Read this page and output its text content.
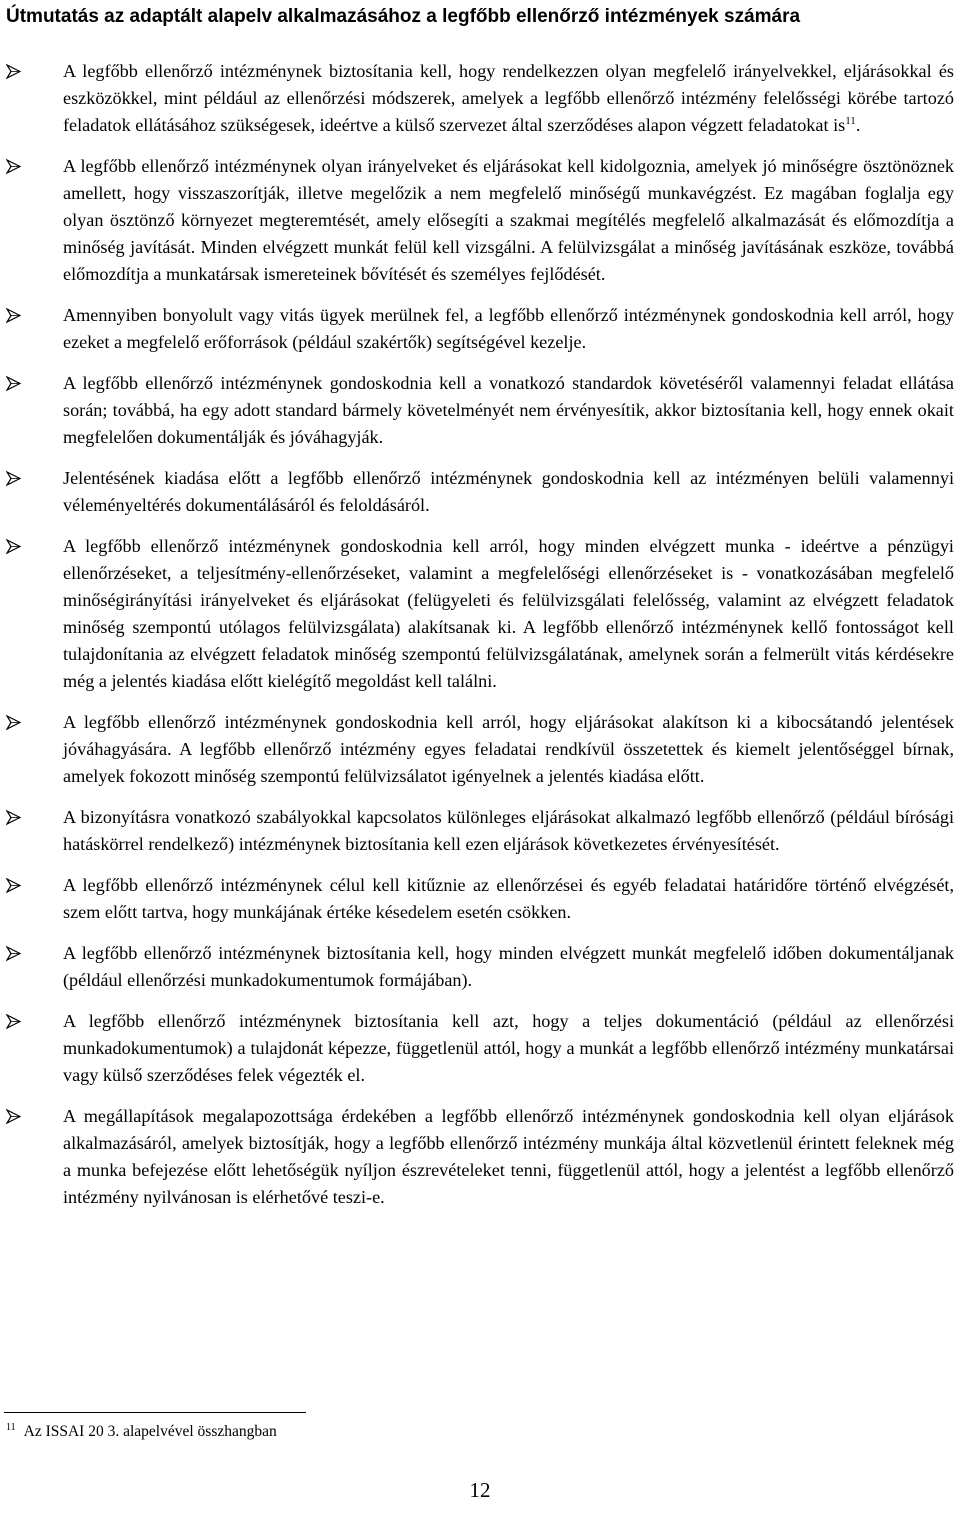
Útmutatás az adaptált alapelv alkalmazásához a legfőbb ellenőrző intézmények számára
A legfőbb ellenőrző intézménynek biztosítania kell, hogy rendelkezzen olyan megfelelő irányelvekkel, eljárásokkal és eszközökkel, mint például az ellenőrzési módszerek, amelyek a legfőbb ellenőrző intézmény felelősségi körébe tartozó feladatok ellátásához szükségesek, ideértve a külső szervezet által szerződéses alapon végzett feladatokat $is^{11}$.
A legfőbb ellenőrző intézménynek olyan irányelveket és eljárásokat kell kidolgoznia, amelyek jó minőségre ösztönöznek amellett, hogy visszaszorítják, illetve megelőzik a nem megfelelő minőségű munkavégzést. Ez magában foglalja egy olyan ösztönző környezet megteremtését, amely elősegíti a szakmai megítélés megfelelő alkalmazását és előmozdítja a minőség javítását. Minden elvégzett munkát felül kell vizsgálni. A felülvizsgálat a minőség javításának eszköze, továbbá előmozdítja a munkatársak ismereteinek bővítését és személyes fejlődését.
Amennyiben bonyolult vagy vitás ügyek merülnek fel, a legfőbb ellenőrző intézménynek gondoskodnia kell arról, hogy ezeket a megfelelő erőforrások (például szakértők) segítségével kezelje.
A legfőbb ellenőrző intézménynek gondoskodnia kell a vonatkozó standardok követéséről valamennyi feladat ellátása során; továbbá, ha egy adott standard bármely követelményét nem érvényesítik, akkor biztosítania kell, hogy ennek okait megfelelően dokumentálják és jóváhagyják.
Jelentésének kiadása előtt a legfőbb ellenőrző intézménynek gondoskodnia kell az intézményen belüli valamennyi véleményeltérés dokumentálásáról és feloldásáról.
A legfőbb ellenőrző intézménynek gondoskodnia kell arról, hogy minden elvégzett munka - ideértve a pénzügyi ellenőrzéseket, a teljesítmény-ellenőrzéseket, valamint a megfelelőségi ellenőrzéseket is - vonatkozásában megfelelő minőségirányítási irányelveket és eljárásokat (felügyeleti és felülvizsgálati felelősség, valamint az elvégzett feladatok minőség szempontú utólagos felülvizsgálata) alakítsanak ki. A legfőbb ellenőrző intézménynek kellő fontosságot kell tulajdonítania az elvégzett feladatok minőség szempontú felülvizsgálatának, amelynek során a felmerült vitás kérdésekre még a jelentés kiadása előtt kielégítő megoldást kell találni.
A legfőbb ellenőrző intézménynek gondoskodnia kell arról, hogy eljárásokat alakítson ki a kibocsátandó jelentések jóváhagyására. A legfőbb ellenőrző intézmény egyes feladatai rendkívül összetettek és kiemelt jelentőséggel bírnak, amelyek fokozott minőség szempontú felülvizsálatot igényelnek a jelentés kiadása előtt.
A bizonyításra vonatkozó szabályokkal kapcsolatos különleges eljárásokat alkalmazó legfőbb ellenőrző (például bírósági hatáskörrel rendelkező) intézménynek biztosítania kell ezen eljárások következetes érvényesítését.
A legfőbb ellenőrző intézménynek célul kell kitűznie az ellenőrzései és egyéb feladatai határidőre történő elvégzését, szem előtt tartva, hogy munkájának értéke késedelem esetén csökken.
A legfőbb ellenőrző intézménynek biztosítania kell, hogy minden elvégzett munkát megfelelő időben dokumentáljanak (például ellenőrzési munkadokumentumok formájában).
A legfőbb ellenőrző intézménynek biztosítania kell azt, hogy a teljes dokumentáció (például az ellenőrzési munkadokumentumok) a tulajdonát képezze, függetlenül attól, hogy a munkát a legfőbb ellenőrző intézmény munkatársai vagy külső szerződéses felek végezték el.
A megállapítások megalapozottsága érdekében a legfőbb ellenőrző intézménynek gondoskodnia kell olyan eljárások alkalmazásáról, amelyek biztosítják, hogy a legfőbb ellenőrző intézmény munkája által közvetlenül érintett feleknek még a munka befejezése előtt lehetőségük nyíljon észrevételeket tenni, függetlenül attól, hogy a jelentést a legfőbb ellenőrző intézmény nyilvánosan is elérhetővé teszi-e.
$^{11}$ Az ISSAI 20 3. alapelvével összhangban
12
